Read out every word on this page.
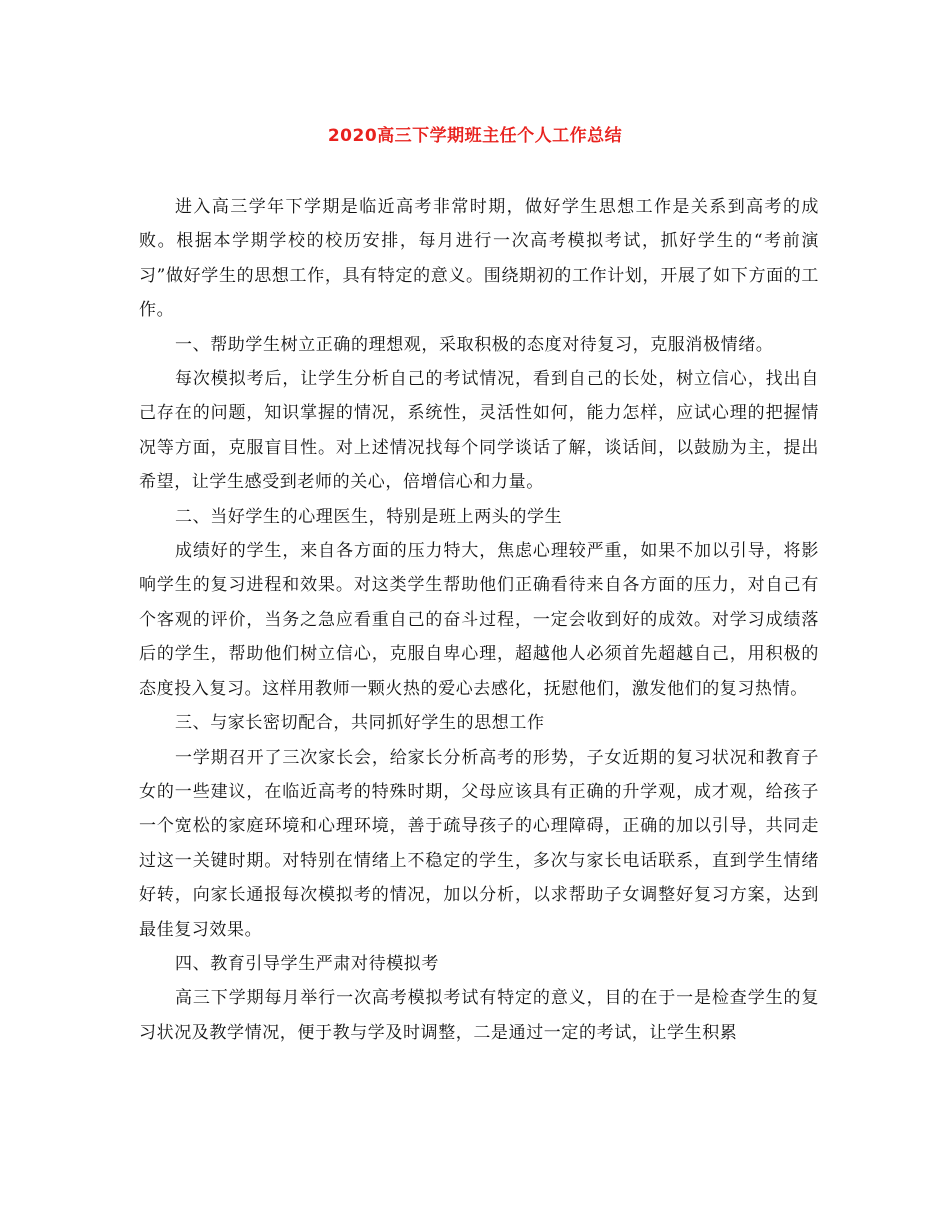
2020高三下学期班主任个人工作总结

进入高三学年下学期是临近高考非常时期，做好学生思想工作是关系到高考的成败。根据本学期学校的校历安排，每月进行一次高考模拟考试，抓好学生的“考前演习”做好学生的思想工作，具有特定的意义。围绕期初的工作计划，开展了如下方面的工作。

一、帮助学生树立正确的理想观，采取积极的态度对待复习，克服消极情绪。

每次模拟考后，让学生分析自己的考试情况，看到自己的长处，树立信心，找出自己存在的问题，知识掌握的情况，系统性，灵活性如何，能力怎样，应试心理的把握情况等方面，克服盲目性。对上述情况找每个同学谈话了解，谈话间，以鼓励为主，提出希望，让学生感受到老师的关心，倍增信心和力量。

二、当好学生的心理医生，特别是班上两头的学生

成绩好的学生，来自各方面的压力特大，焦虑心理较严重，如果不加以引导，将影响学生的复习进程和效果。对这类学生帮助他们正确看待来自各方面的压力，对自己有个客观的评价，当务之急应看重自己的奋斗过程，一定会收到好的成效。对学习成绩落后的学生，帮助他们树立信心，克服自卑心理，超越他人必须首先超越自己，用积极的态度投入复习。这样用教师一颗火热的爱心去感化，抚慰他们，激发他们的复习热情。

三、与家长密切配合，共同抓好学生的思想工作

一学期召开了三次家长会，给家长分析高考的形势，子女近期的复习状况和教育子女的一些建议，在临近高考的特殊时期，父母应该具有正确的升学观，成才观，给孩子一个宽松的家庭环境和心理环境，善于疏导孩子的心理障碍，正确的加以引导，共同走过这一关键时期。对特别在情绪上不稳定的学生，多次与家长电话联系，直到学生情绪好转，向家长通报每次模拟考的情况，加以分析，以求帮助子女调整好复习方案，达到最佳复习效果。

四、教育引导学生严肃对待模拟考

高三下学期每月举行一次高考模拟考试有特定的意义，目的在于一是检查学生的复习状况及教学情况，便于教与学及时调整，二是通过一定的考试，让学生积累
